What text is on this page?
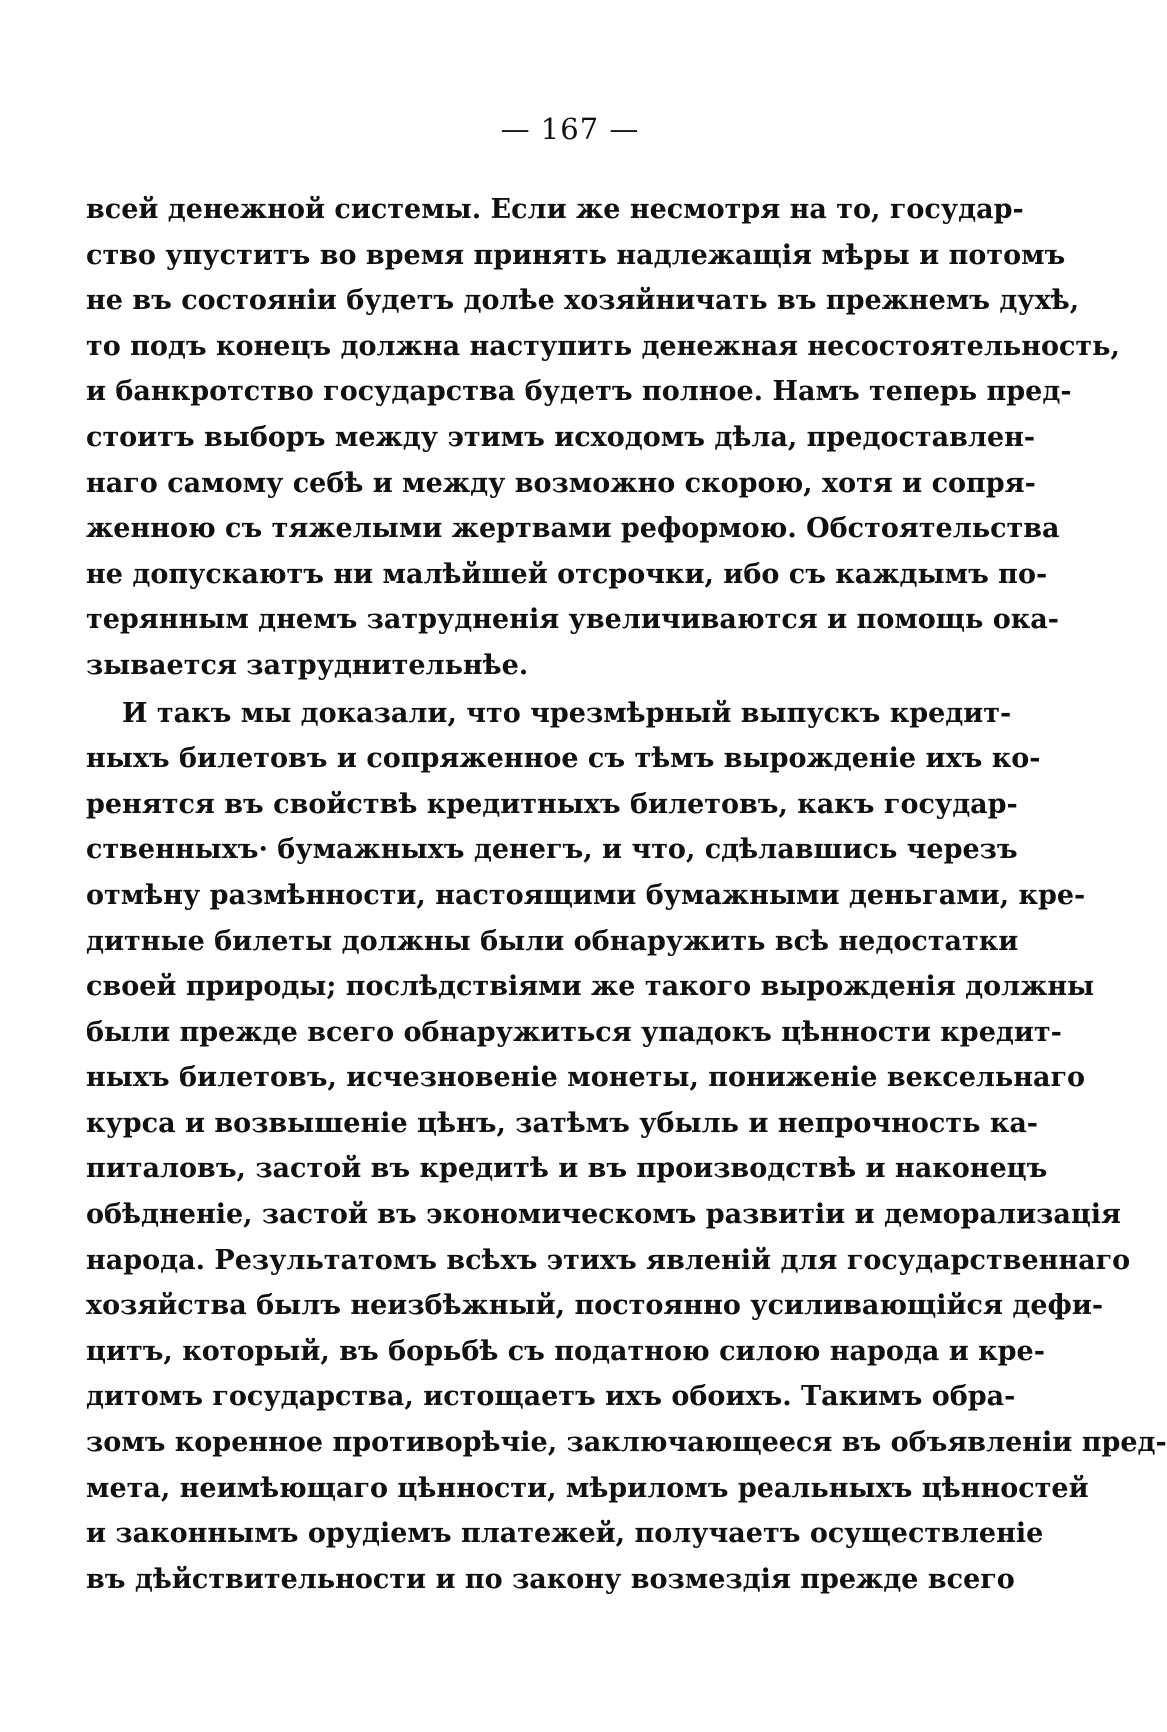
— 167 —
всей денежной системы. Если же несмотря на то, государ-
ство упуститъ во время принять надлежащія мѣры и потомъ
не въ состояніи будетъ долѣе хозяйничать въ прежнемъ духѣ,
то подъ конецъ должна наступить денежная несостоятельность,
и банкротство государства будетъ полное. Намъ теперь пред-
стоитъ выборъ между этимъ исходомъ дѣла, предоставлен-
наго самому себѣ и между возможно скорою, хотя и сопря-
женною съ тяжелыми жертвами реформою. Обстоятельства
не допускаютъ ни малѣйшей отсрочки, ибо съ каждымъ по-
терянным днемъ затрудненія увеличиваются и помощь ока-
зывается затруднительнѣе.
И такъ мы доказали, что чрезмѣрный выпускъ кредит-
ныхъ билетовъ и сопряженное съ тѣмъ вырожденіе ихъ ко-
ренятся въ свойствѣ кредитныхъ билетовъ, какъ государ-
ственныхъ· бумажныхъ денегъ, и что, сдѣлавшись черезъ
отмѣну размѣнности, настоящими бумажными деньгами, кре-
дитные билеты должны были обнаружить всѣ недостатки
своей природы; послѣдствіями же такого вырожденія должны
были прежде всего обнаружиться упадокъ цѣнности кредит-
ныхъ билетовъ, исчезновеніе монеты, пониженіе вексельнаго
курса и возвышеніе цѣнъ, затѣмъ убыль и непрочность ка-
питаловъ, застой въ кредитѣ и въ производствѣ и наконецъ
обѣдненіе, застой въ экономическомъ развитіи и деморализація
народа. Результатомъ всѣхъ этихъ явленій для государственнаго
хозяйства былъ неизбѣжный, постоянно усиливающійся дефи-
цитъ, который, въ борьбѣ съ податною силою народа и кре-
дитомъ государства, истощаетъ ихъ обоихъ. Такимъ обра-
зомъ коренное противорѣчіе, заключающееся въ объявленіи пред-
мета, неимѣющаго цѣнности, мѣриломъ реальныхъ цѣнностей
и законнымъ орудіемъ платежей, получаетъ осуществленіе
въ дѣйствительности и по закону возмездія прежде всего
